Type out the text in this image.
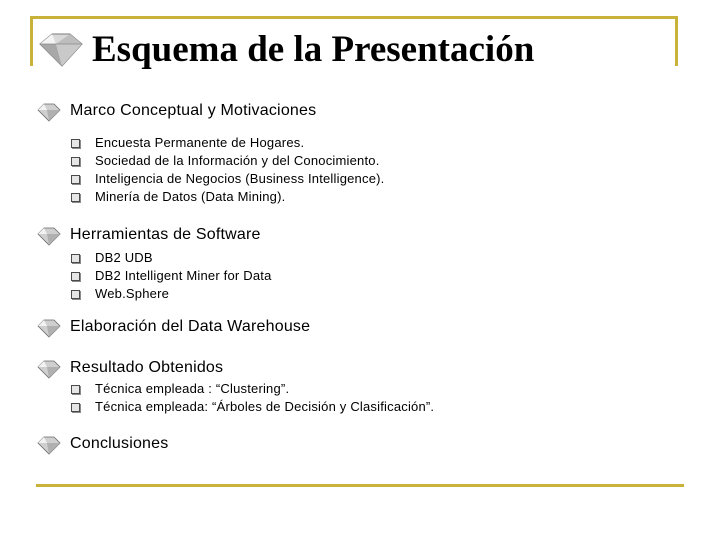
Esquema de la Presentación
Marco Conceptual y Motivaciones
Encuesta Permanente de Hogares.
Sociedad de la Información y del Conocimiento.
Inteligencia de Negocios (Business Intelligence).
Minería de Datos (Data Mining).
Herramientas de Software
DB2 UDB
DB2 Intelligent Miner for Data
Web.Sphere
Elaboración del Data Warehouse
Resultado Obtenidos
Técnica empleada : “Clustering”.
Técnica empleada: “Árboles de Decisión y Clasificación”.
Conclusiones
